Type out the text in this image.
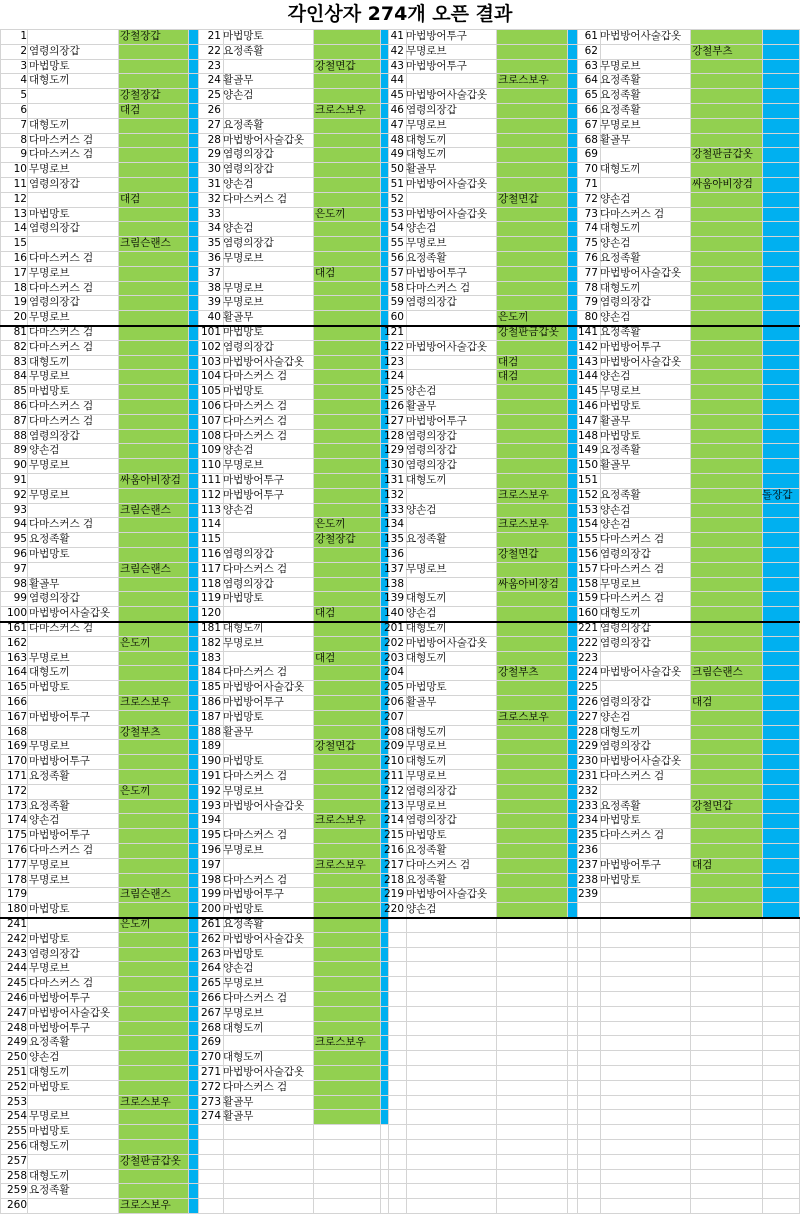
각인상자 274개 오픈 결과
1	강철장갑
2 염령의장갑
3 마법망토
4 대형도끼
5	강철장갑
6	대검
7 대형도끼
8 다마스커스 검
9 다마스커스 검
10 무명로브
11 염령의장갑
12	대검
13 마법망토
14 염령의장갑
15	크림슨랜스
16 다마스커스 검
17 무명로브
18 다마스커스 검
19 염령의장갑
20 무명로브
81 다마스커스 검
82 다마스커스 검
83 대형도끼
84 무명로브
85 마법망토
86 다마스커스 검
87 다마스커스 검
88 염령의장갑
89 양손검
90 무명로브
91	싸움아비장검
92 무명로브
93	크림슨랜스
94 다마스커스 검
95 요정족활
96 마법망토
97	크림슨랜스
98 활골무
99 염령의장갑
100 마법방어사술갑옷
161 다마스커스 검
162	은도끼
163 무명로브
164 대형도끼
165 마법망토
166	크로스보우
167 마법방어투구
168	강철부츠
169 무명로브
170 마법방어투구
171 요정족활
172	은도끼
173 요정족활
174 양손검
175 마법방어투구
176 다마스커스 검
177 무명로브
178 무명로브
179	크림슨랜스
180 마법망토
241	은도끼
242 마법망토
243 염령의장갑
244 무명로브
245 다마스커스 검
246 마법방어투구
247 마법방어사술갑옷
248 마법방어투구
249 요정족활
250 양손검
251 대형도끼
252 마법망토
253	크로스보우
254 무명로브
255 마법망토
256 대형도끼
257	강철판금갑옷
258 대형도끼
259 요정족활
260	크로스보우
21 마법망토
22 요정족활
23	강철면갑
24 활골무
25 양손검
26	크로스보우
27 요정족활
28 마법방어사술갑옷
29 염령의장갑
30 염령의장갑
31 양손검
32 다마스커스 검
33	은도끼
34 양손검
35 염령의장갑
36 무명로브
37	대검
38 무명로브
39 무명로브
40 활골무
101 마법망토
102 염령의장갑
103 마법방어사술갑옷
104 다마스커스 검
105 마법망토
106 다마스커스 검
107 다마스커스 검
108 다마스커스 검
109 양손검
110 무명로브
111 마법방어투구
112 마법방어투구
113 양손검
114	은도끼
115	강철장갑
116 염령의장갑
117 다마스커스 검
118 염령의장갑
119 마법망토
120	대검
181 대형도끼
182 무명로브
183	대검
184 다마스커스 검
185 마법방어사술갑옷
186 마법방어투구
187 마법망토
188 활골무
189	강철면갑
190 마법망토
191 다마스커스 검
192 무명로브
193 마법방어사술갑옷
194	크로스보우
195 다마스커스 검
196 무명로브
197	크로스보우
198 다마스커스 검
199 마법방어투구
200 마법망토
261 요정족활
262 마법방어사술갑옷
263 마법망토
264 양손검
265 무명로브
266 다마스커스 검
267 무명로브
268 대형도끼
269	크로스보우
270 대형도끼
271 마법방어사술갑옷
272 다마스커스 검
273 활골무
274 활골무
41 마법방어투구
42 무명로브
43 마법방어투구
44	크로스보우
45 마법방어사술갑옷
46 염령의장갑
47 무명로브
48 대형도끼
49 대형도끼
50 활골무
51 마법방어사술갑옷
52	강철면갑
53 마법방어사술갑옷
54 양손검
55 무명로브
56 요정족활
57 마법방어투구
58 다마스커스 검
59 염령의장갑
60	은도끼
121	강철판금갑옷
122 마법방어사술갑옷
123	대검
124	대검
125 양손검
126 활골무
127 마법방어투구
128 염령의장갑
129 염령의장갑
130 염령의장갑
131 대형도끼
132	크로스보우
133 양손검
134	크로스보우
135 요정족활
136	강철면갑
137 무명로브
138	싸움아비장검
139 대형도끼
140 양손검
201 대형도끼
202 마법방어사술갑옷
203 대형도끼
204	강철부츠
205 마법망토
206 활골무
207	크로스보우
208 대형도끼
209 무명로브
210 대형도끼
211 무명로브
212 염령의장갑
213 무명로브
214 염령의장갑
215 마법망토
216 요정족활
217 다마스커스 검
218 요정족활
219 마법방어사술갑옷
220 양손검
61 마법방어사술갑옷
62	강철부츠
63 무명로브
64 요정족활
65 요정족활
66 요정족활
67 무명로브
68 활골무
69	강철판금갑옷
70 대형도끼
71	싸움아비장검
72 양손검
73 다마스커스 검
74 대형도끼
75 양손검
76 요정족활
77 마법방어사술갑옷
78 대형도끼
79 염령의장갑
80 양손검
141 요정족활
142 마법방어투구
143 마법방어사술갑옷
144 양손검
145 무명로브
146 마법망토
147 활골무
148 마법망토
149 요정족활
150 활골무
151
152 요정족활	돌장갑
153 양손검
154 양손검
155 다마스커스 검
156 염령의장갑
157 다마스커스 검
158 무명로브
159 다마스커스 검
160 대형도끼
221 염령의장갑
222 염령의장갑
223
224 마법방어사술갑옷	크림슨랜스
225
226 염령의장갑	대검
227 양손검
228 대형도끼
229 염령의장갑
230 마법방어사술갑옷
231 다마스커스 검
232
233 요정족활	강철면갑
234 마법망토
235 다마스커스 검
236
237 마법방어투구	대검
238 마법망토
239
